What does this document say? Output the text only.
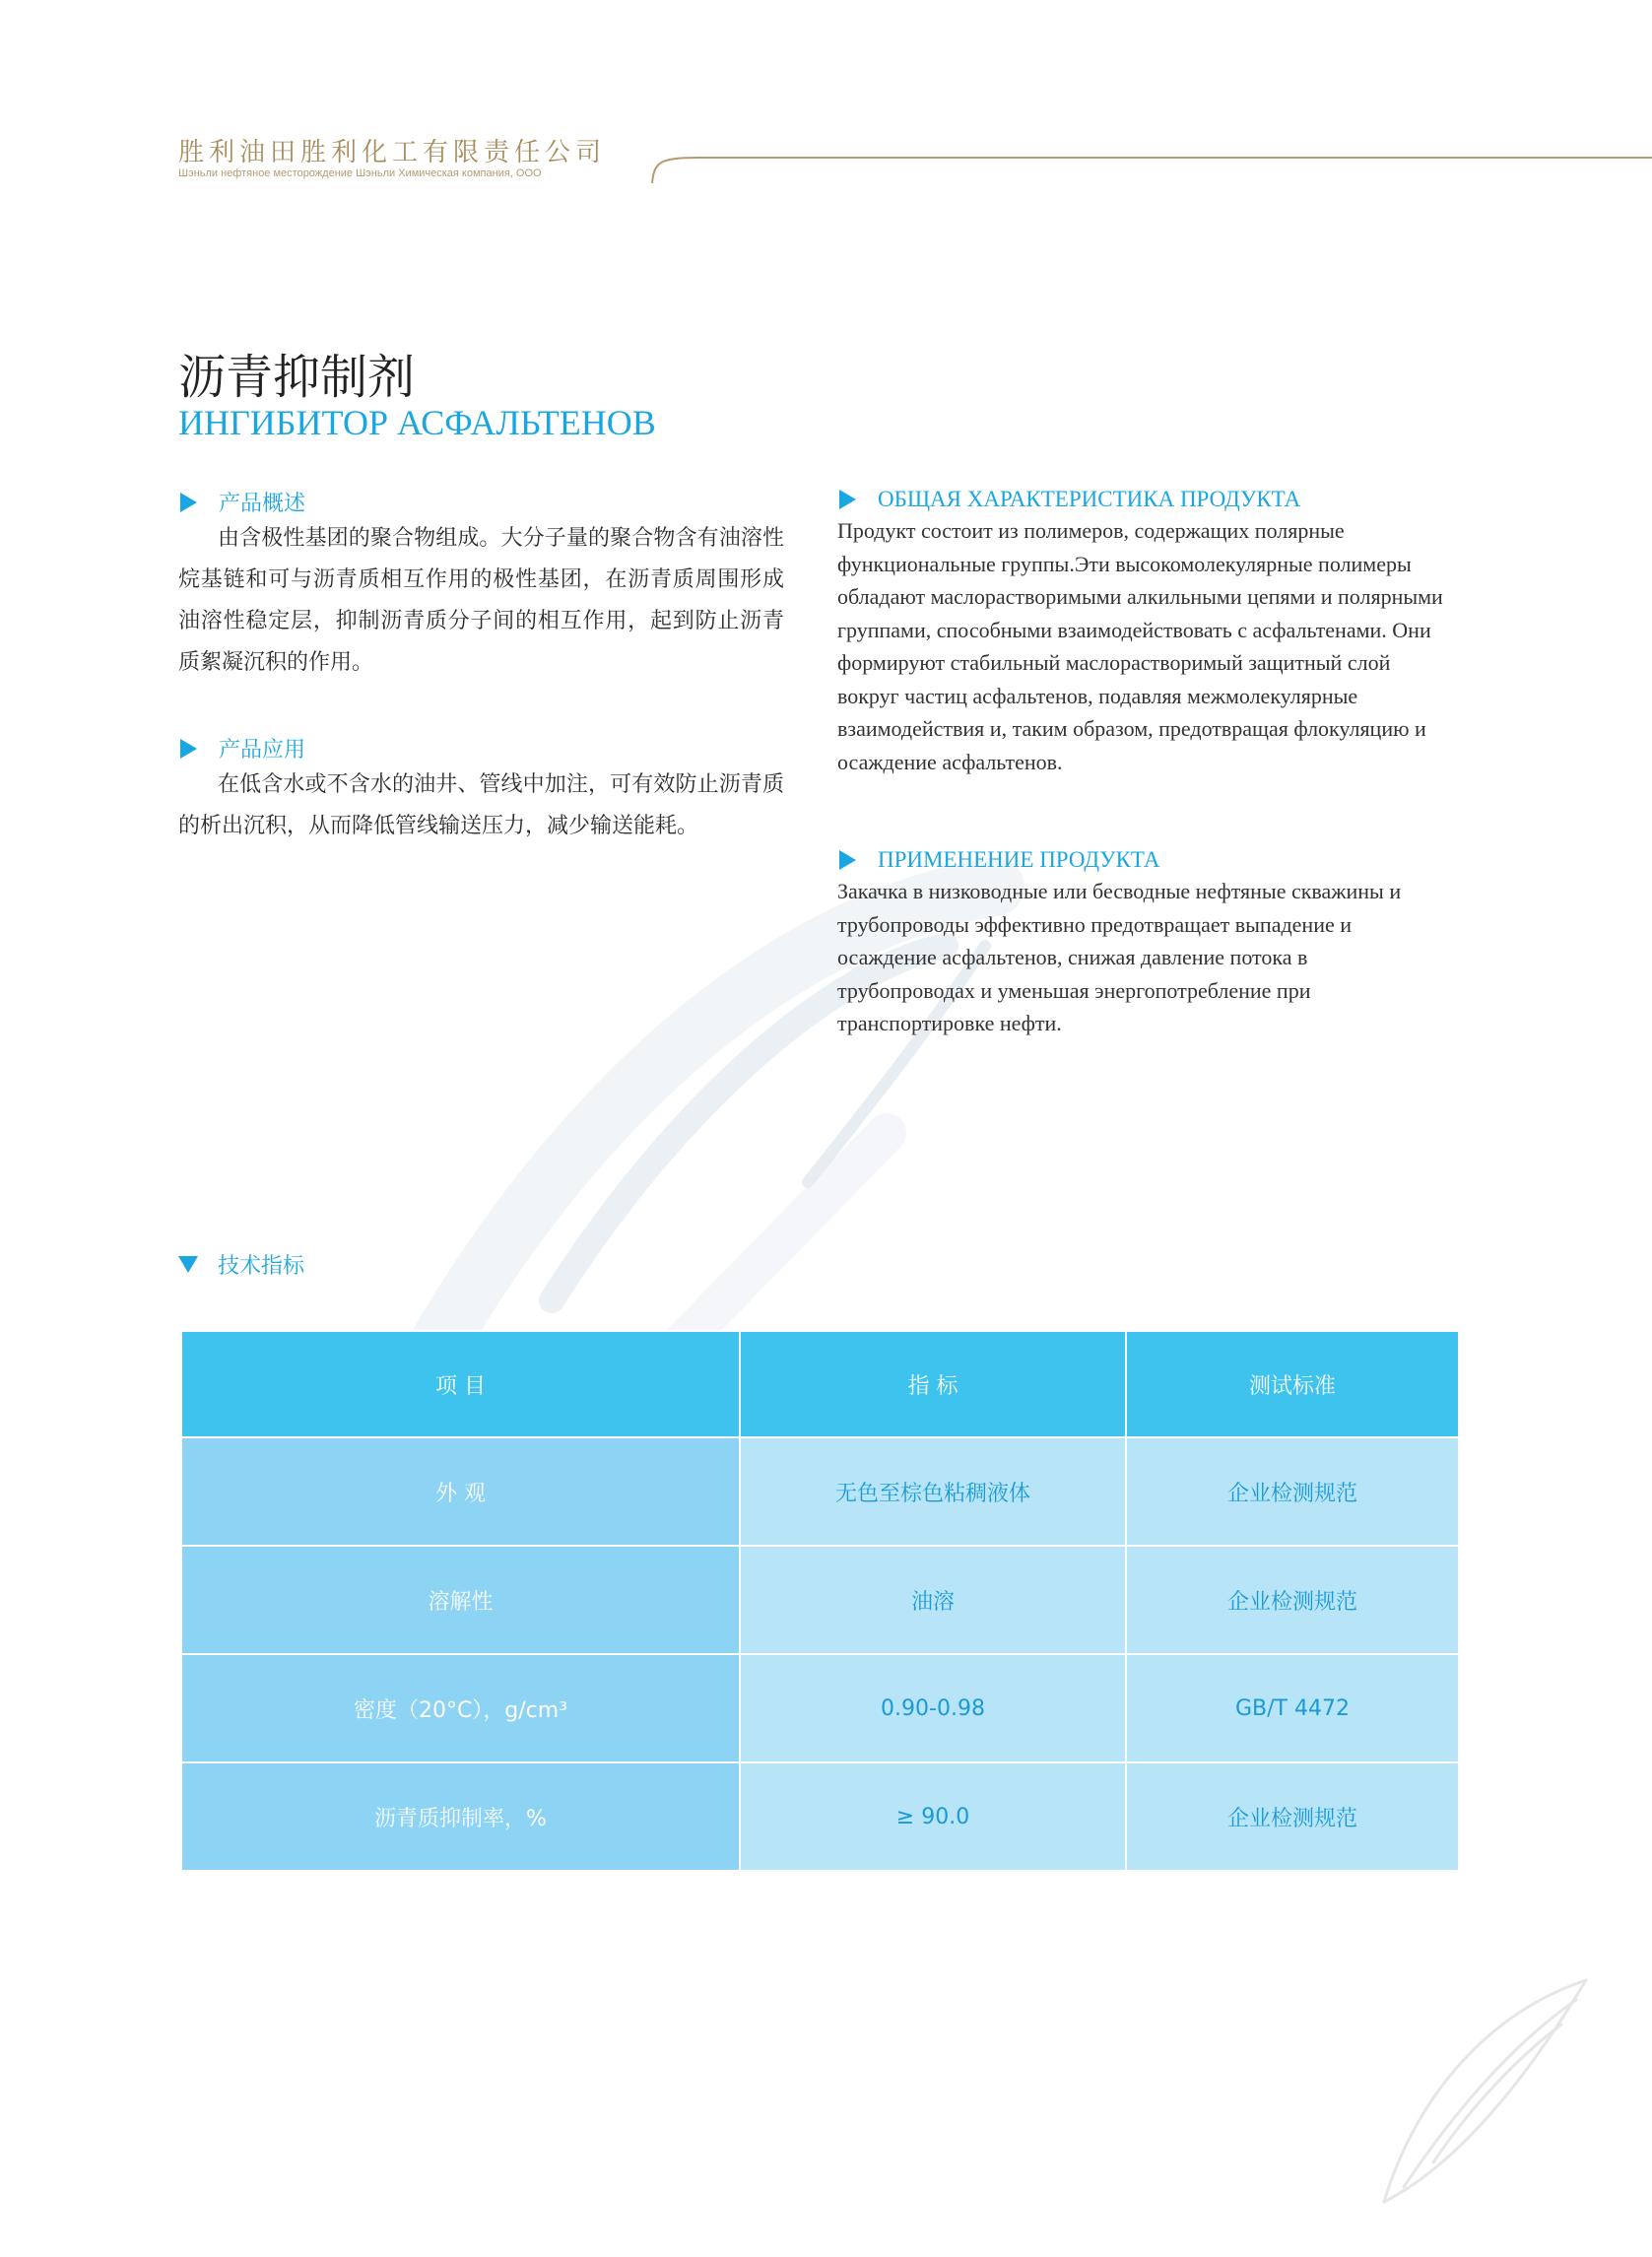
胜利油田胜利化工有限责任公司
Шэньли нефтяное месторождение Шэньли Химическая компания, ООО
沥青抑制剂
ИНГИБИТОР АСФАЛЬТЕНОВ
产品概述

由含极性基团的聚合物组成。大分子量的聚合物含有油溶性烷基链和可与沥青质相互作用的极性基团，在沥青质周围形成油溶性稳定层，抑制沥青质分子间的相互作用，起到防止沥青质絮凝沉积的作用。

产品应用

在低含水或不含水的油井、管线中加注，可有效防止沥青质的析出沉积，从而降低管线输送压力，减少输送能耗。

ОБЩАЯ ХАРАКТЕРИСТИКА ПРОДУКТА

Продукт состоит из полимеров, содержащих полярные функциональные группы.Эти высокомолекулярные полимеры обладают маслорастворимыми алкильными цепями и полярными группами, способными взаимодействовать с асфальтенами. Они формируют стабильный маслорастворимый защитный слой вокруг частиц асфальтенов, подавляя межмолекулярные взаимодействия и, таким образом, предотвращая флокуляцию и осаждение асфальтенов.

ПРИМЕНЕНИЕ ПРОДУКТА

Закачка в низководные или бесводные нефтяные скважины и трубопроводы эффективно предотвращает выпадение и осаждение асфальтенов, снижая давление потока в трубопроводах и уменьшая энергопотребление при транспортировке нефти.

技术指标
项 目	指 标	测试标准
外 观	无色至棕色粘稠液体	企业检测规范
溶解性	油溶	企业检测规范
密度（20°C），g/cm³	0.90-0.98	GB/T 4472
沥青质抑制率，%	≥ 90.0	企业检测规范
